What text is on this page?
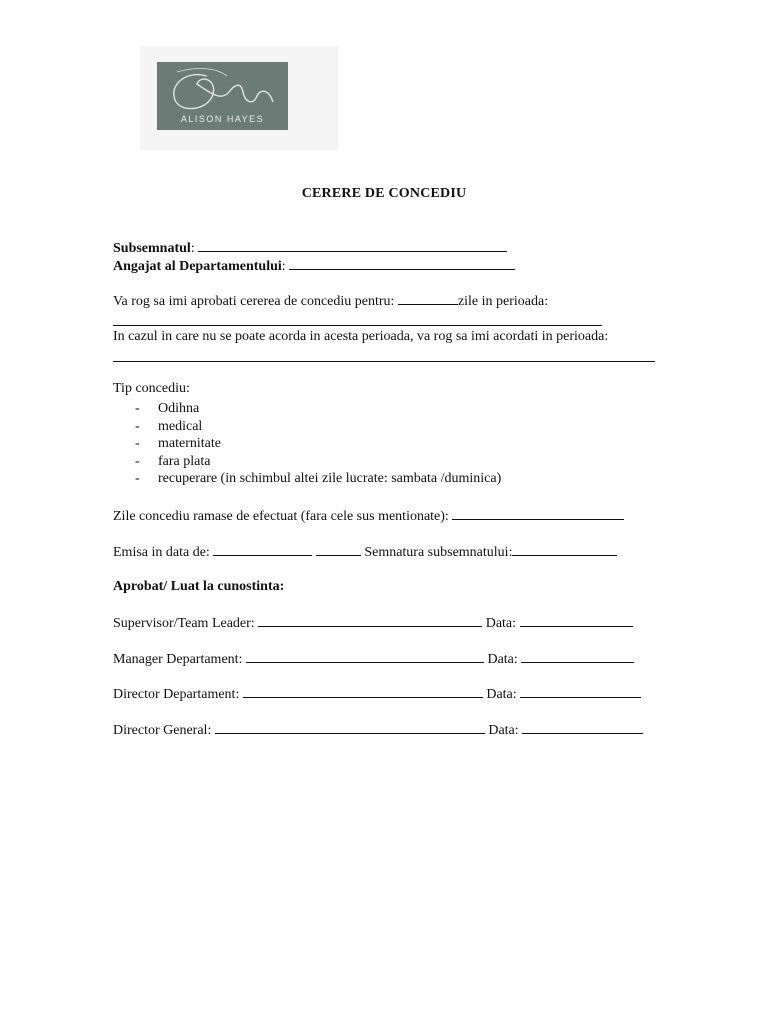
ALISON HAYES
CERERE DE CONCEDIU
Subsemnatul:
Angajat al Departamentului:
Va rog sa imi aprobati cererea de concediu pentru:	zile in perioada:
In cazul in care nu se poate acorda in acesta perioada, va rog sa imi acordati in perioada:
Tip concediu:
- Odihna
- medical
- maternitate
- fara plata
- recuperare (in schimbul altei zile lucrate: sambata /duminica)
Zile concediu ramase de efectuat (fara cele sus mentionate):
Emisa in data de:	Semnatura subsemnatului:
Aprobat/ Luat la cunostinta:
Supervisor/Team Leader:	Data:
Manager Departament:	Data:
Director Departament:	Data:
Director General:	Data:
